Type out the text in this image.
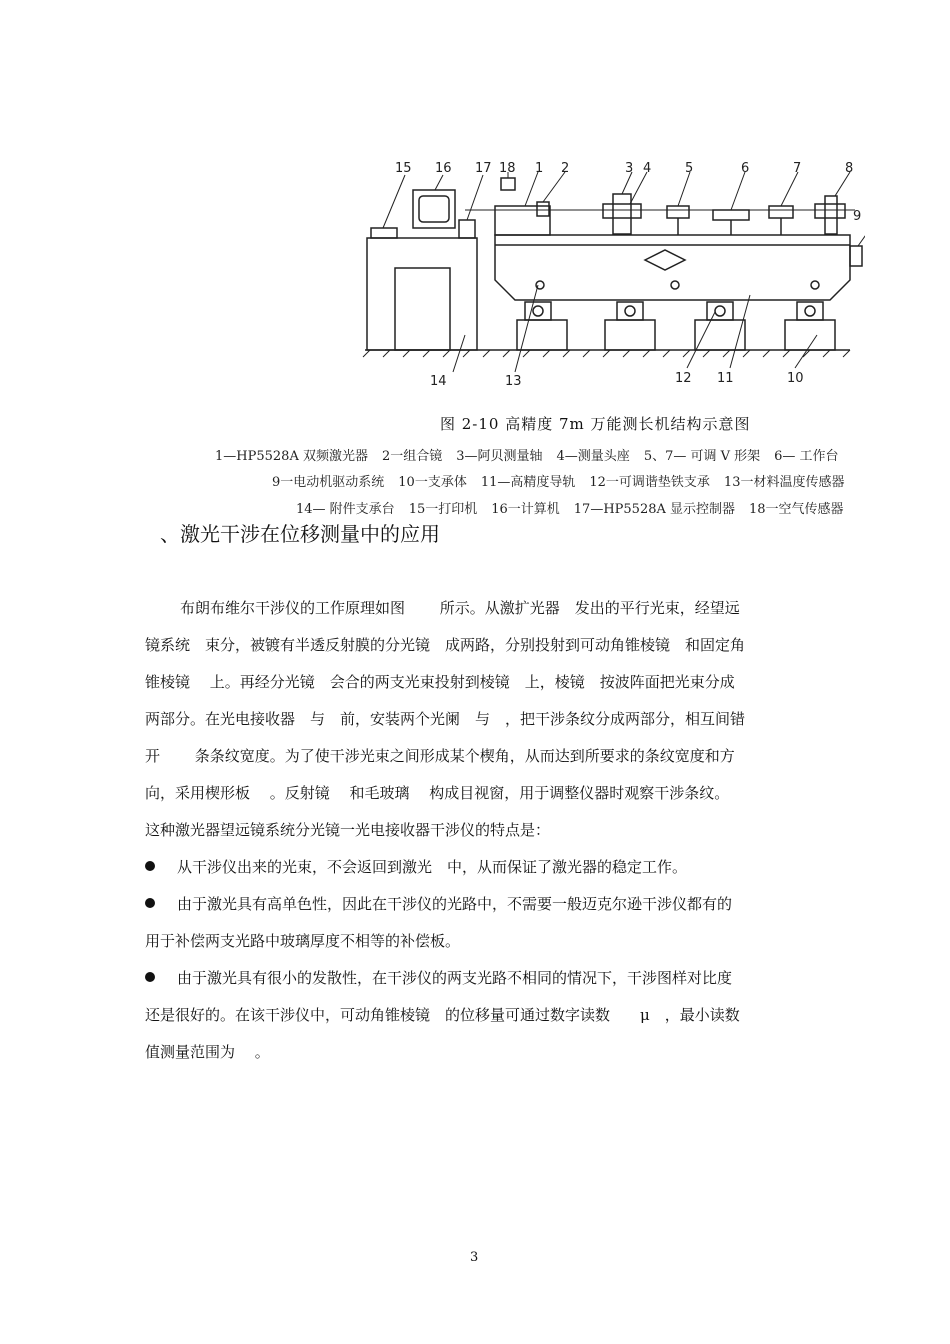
15 16 17 18 1 2	3 4	5	6	7	8
9
14	13	12 11	10
图 2-10 高精度 7m 万能测长机结构示意图
1—HP5528A 双频激光器 2一组合镜 3—阿贝测量轴 4—测量头座 5、7— 可调 V 形架 6— 工作台
9一电动机驱动系统 10一支承体 11—高精度导轨 12一可调谐垫铁支承 13一材料温度传感器
14— 附件支承台 15一打印机 16一计算机 17—HP5528A 显示控制器 18一空气传感器
、激光干涉在位移测量中的应用
布朗布维尔干涉仪的工作原理如图　　 所示。从激扩光器　发出的平行光束，经望远
镜系统　束分，被镀有半透反射膜的分光镜　成两路，分别投射到可动角锥棱镜　和固定角
锥棱镜　 上。再经分光镜　会合的两支光束投射到棱镜　上，棱镜　按波阵面把光束分成
两部分。在光电接收器　与　前，安装两个光阑　与　，把干涉条纹分成两部分，相互间错
开　　 条条纹宽度。为了使干涉光束之间形成某个楔角，从而达到所要求的条纹宽度和方
向，采用楔形板　 。反射镜　 和毛玻璃　 构成目视窗，用于调整仪器时观察干涉条纹。
这种激光器望远镜系统分光镜一光电接收器干涉仪的特点是：
从干涉仪出来的光束，不会返回到激光　中，从而保证了激光器的稳定工作。
由于激光具有高单色性，因此在干涉仪的光路中，不需要一般迈克尔逊干涉仪都有的
用于补偿两支光路中玻璃厚度不相等的补偿板。
由于激光具有很小的发散性，在干涉仪的两支光路不相同的情况下，干涉图样对比度
还是很好的。在该干涉仪中，可动角锥棱镜　的位移量可通过数字读数　　μ　，最小读数
值测量范围为　 。
3
